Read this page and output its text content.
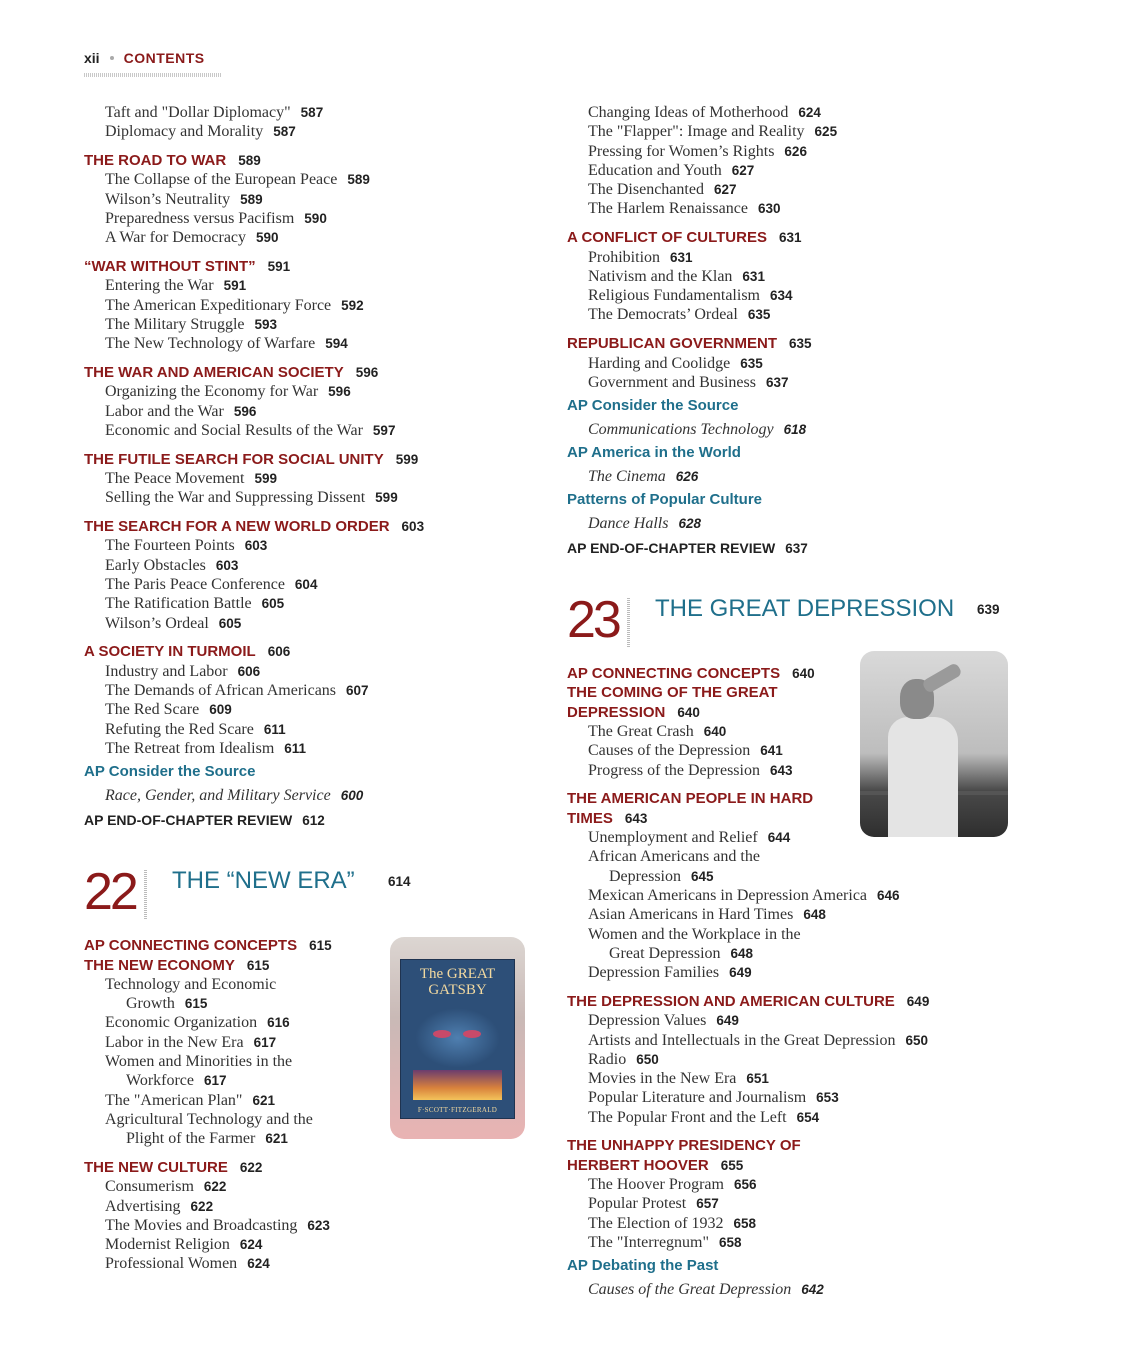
xii CONTENTS
Taft and "Dollar Diplomacy" 587
Diplomacy and Morality 587
THE ROAD TO WAR 589
The Collapse of the European Peace 589
Wilson’s Neutrality 589
Preparedness versus Pacifism 590
A War for Democracy 590
“WAR WITHOUT STINT” 591
Entering the War 591
The American Expeditionary Force 592
The Military Struggle 593
The New Technology of Warfare 594
THE WAR AND AMERICAN SOCIETY 596
Organizing the Economy for War 596
Labor and the War 596
Economic and Social Results of the War 597
THE FUTILE SEARCH FOR SOCIAL UNITY 599
The Peace Movement 599
Selling the War and Suppressing Dissent 599
THE SEARCH FOR A NEW WORLD ORDER 603
The Fourteen Points 603
Early Obstacles 603
The Paris Peace Conference 604
The Ratification Battle 605
Wilson’s Ordeal 605
A SOCIETY IN TURMOIL 606
Industry and Labor 606
The Demands of African Americans 607
The Red Scare 609
Refuting the Red Scare 611
The Retreat from Idealism 611
AP Consider the Source
Race, Gender, and Military Service 600
AP END-OF-CHAPTER REVIEW 612
22 THE “NEW ERA” 614
AP CONNECTING CONCEPTS 615
THE NEW ECONOMY 615
Technology and Economic
Growth 615
Economic Organization 616
Labor in the New Era 617
Women and Minorities in the
Workforce 617
The "American Plan" 621
Agricultural Technology and the
Plight of the Farmer 621
THE NEW CULTURE 622
Consumerism 622
Advertising 622
The Movies and Broadcasting 623
Modernist Religion 624
Professional Women 624
Changing Ideas of Motherhood 624
The "Flapper": Image and Reality 625
Pressing for Women’s Rights 626
Education and Youth 627
The Disenchanted 627
The Harlem Renaissance 630
A CONFLICT OF CULTURES 631
Prohibition 631
Nativism and the Klan 631
Religious Fundamentalism 634
The Democrats’ Ordeal 635
REPUBLICAN GOVERNMENT 635
Harding and Coolidge 635
Government and Business 637
AP Consider the Source
Communications Technology 618
AP America in the World
The Cinema 626
Patterns of Popular Culture
Dance Halls 628
AP END-OF-CHAPTER REVIEW 637
23 THE GREAT DEPRESSION 639
AP CONNECTING CONCEPTS 640
THE COMING OF THE GREAT
DEPRESSION 640
The Great Crash 640
Causes of the Depression 641
Progress of the Depression 643
THE AMERICAN PEOPLE IN HARD
TIMES 643
Unemployment and Relief 644
African Americans and the
Depression 645
Mexican Americans in Depression America 646
Asian Americans in Hard Times 648
Women and the Workplace in the
Great Depression 648
Depression Families 649
THE DEPRESSION AND AMERICAN CULTURE 649
Depression Values 649
Artists and Intellectuals in the Great Depression 650
Radio 650
Movies in the New Era 651
Popular Literature and Journalism 653
The Popular Front and the Left 654
THE UNHAPPY PRESIDENCY OF
HERBERT HOOVER 655
The Hoover Program 656
Popular Protest 657
The Election of 1932 658
The "Interregnum" 658
AP Debating the Past
Causes of the Great Depression 642
The GREAT
GATSBY
F·SCOTT·FITZGERALD
